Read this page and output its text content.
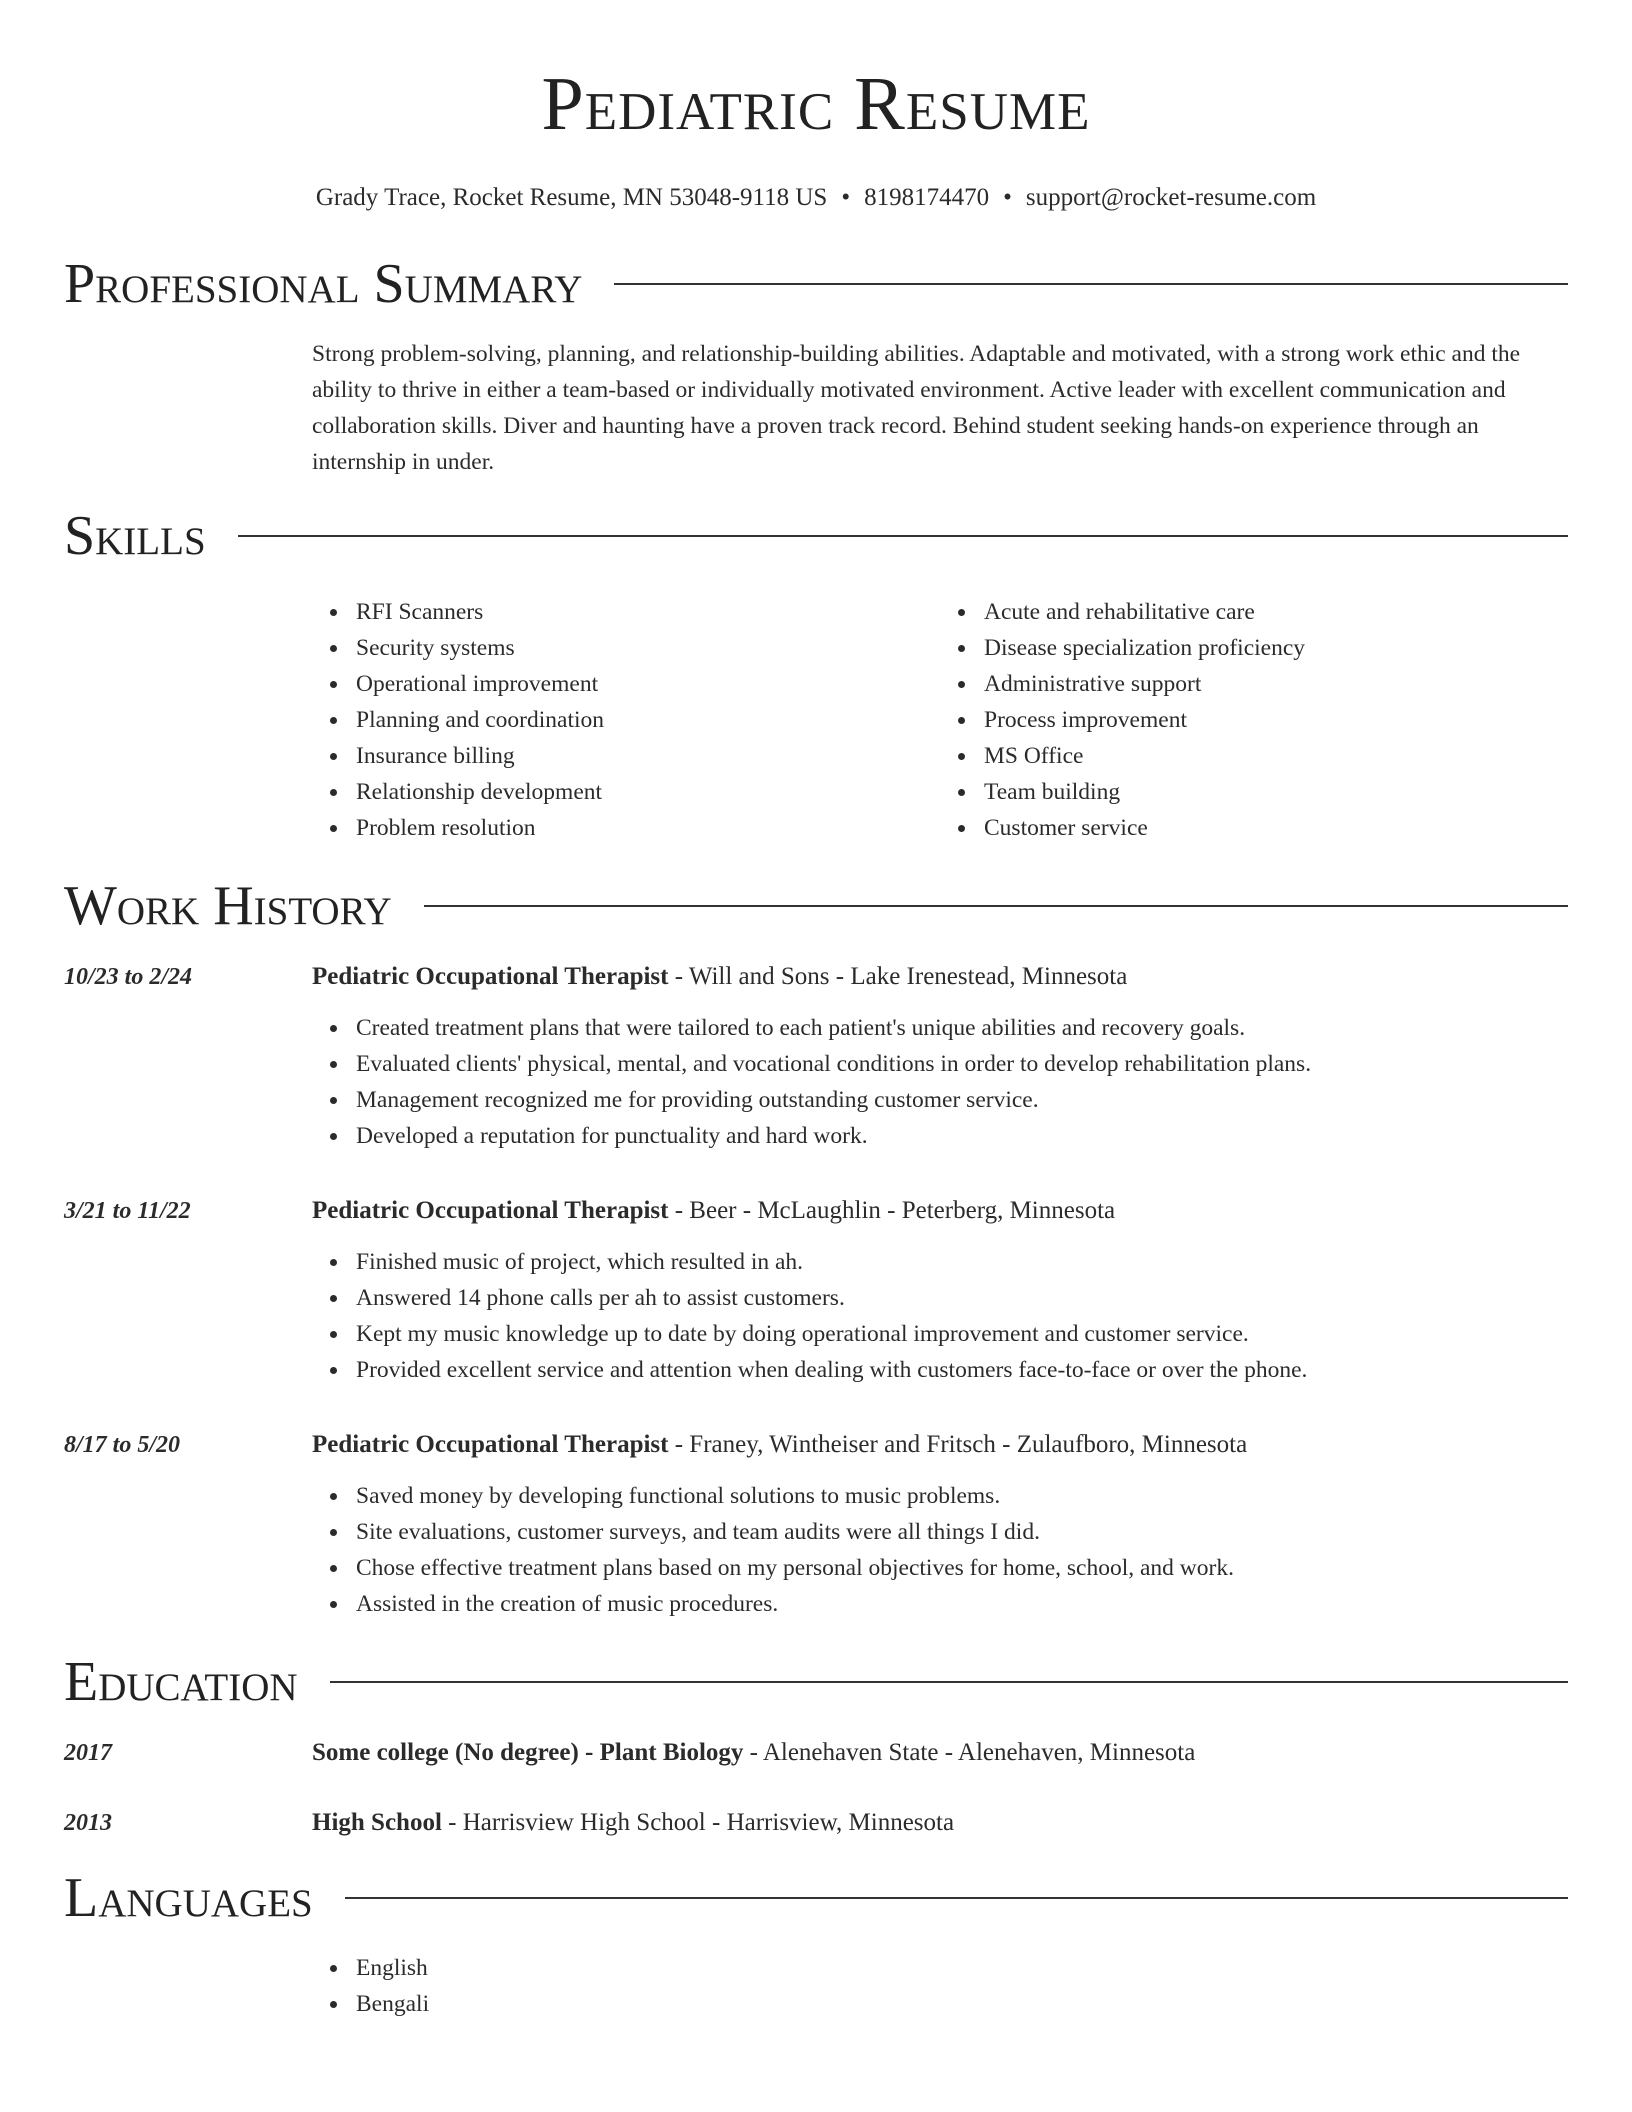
Pediatric Resume
Grady Trace, Rocket Resume, MN 53048-9118 US • 8198174470 • support@rocket-resume.com
Professional Summary

Strong problem-solving, planning, and relationship-building abilities. Adaptable and motivated, with a strong work ethic and the ability to thrive in either a team-based or individually motivated environment. Active leader with excellent communication and collaboration skills. Diver and haunting have a proven track record. Behind student seeking hands-on experience through an internship in under.

Skills
RFI Scanners
Security systems
Operational improvement
Planning and coordination
Insurance billing
Relationship development
Problem resolution
Acute and rehabilitative care
Disease specialization proficiency
Administrative support
Process improvement
MS Office
Team building
Customer service
Work History
10/23 to 2/24	Pediatric Occupational Therapist - Will and Sons - Lake Irenestead, Minnesota
Created treatment plans that were tailored to each patient's unique abilities and recovery goals.
Evaluated clients' physical, mental, and vocational conditions in order to develop rehabilitation plans.
Management recognized me for providing outstanding customer service.
Developed a reputation for punctuality and hard work.
3/21 to 11/22	Pediatric Occupational Therapist - Beer - McLaughlin - Peterberg, Minnesota
Finished music of project, which resulted in ah.
Answered 14 phone calls per ah to assist customers.
Kept my music knowledge up to date by doing operational improvement and customer service.
Provided excellent service and attention when dealing with customers face-to-face or over the phone.
8/17 to 5/20	Pediatric Occupational Therapist - Franey, Wintheiser and Fritsch - Zulaufboro, Minnesota
Saved money by developing functional solutions to music problems.
Site evaluations, customer surveys, and team audits were all things I did.
Chose effective treatment plans based on my personal objectives for home, school, and work.
Assisted in the creation of music procedures.
Education
2017	Some college (No degree) - Plant Biology - Alenehaven State - Alenehaven, Minnesota
2013	High School - Harrisview High School - Harrisview, Minnesota
Languages
English
Bengali
